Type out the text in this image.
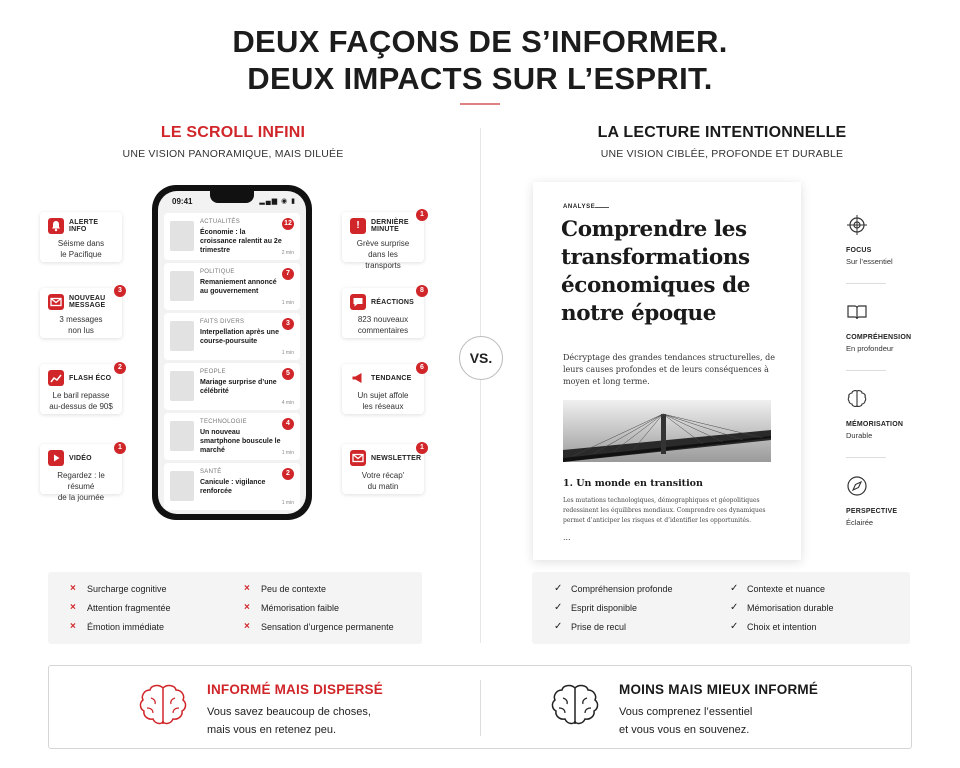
DEUX FAÇONS DE S’INFORMER.
DEUX IMPACTS SUR L’ESPRIT.
LE SCROLL INFINI
UNE VISION PANORAMIQUE, MAIS DILUÉE
LA LECTURE INTENTIONNELLE
UNE VISION CIBLÉE, PROFONDE ET DURABLE
VS.
ALERTE INFO
Séisme dans
le Pacifique
NOUVEAU MESSAGE
3 messages
non lus
3
FLASH ÉCO
Le baril repasse
au-dessus de 90$
2
VIDÉO
Regardez : le résumé
de la journée
1
!	DERNIÈRE MINUTE
Grève surprise
dans les transports
1
RÉACTIONS
823 nouveaux
commentaires
8
TENDANCE
Un sujet affole
les réseaux
6
NEWSLETTER
Votre récap'
du matin
1
09:41	▂▄▆ ◉ ▮
ACTUALITÉS
Économie : la croissance ralentit au 2e trimestre
12
2 min
POLITIQUE
Remaniement annoncé au gouvernement
7
1 min
FAITS DIVERS
Interpellation après une course-poursuite
3
1 min
PEOPLE
Mariage surprise d’une célébrité
5
4 min
TECHNOLOGIE
Un nouveau smartphone bouscule le marché
4
1 min
SANTÉ
Canicule : vigilance renforcée
2
1 min
ANALYSE
Comprendre les
transformations
économiques de
notre époque
Décryptage des grandes tendances structurelles, de leurs causes profondes et de leurs conséquences à moyen et long terme.
1. Un monde en transition
Les mutations technologiques, démographiques et géopolitiques redessinent les équilibres mondiaux. Comprendre ces dynamiques permet d’anticiper les risques et d’identifier les opportunités.
...
FOCUS
Sur l’essentiel
COMPRÉHENSION
En profondeur
MÉMORISATION
Durable
PERSPECTIVE
Éclairée
×	Surcharge cognitive	×	Peu de contexte
×	Attention fragmentée	×	Mémorisation faible
×	Émotion immédiate	×	Sensation d’urgence permanente
✓ Compréhension profonde	✓ Contexte et nuance
✓ Esprit disponible	✓ Mémorisation durable
✓ Prise de recul	✓ Choix et intention
INFORMÉ MAIS DISPERSÉ
Vous savez beaucoup de choses,
mais vous en retenez peu.
MOINS MAIS MIEUX INFORMÉ
Vous comprenez l’essentiel
et vous vous en souvenez.
